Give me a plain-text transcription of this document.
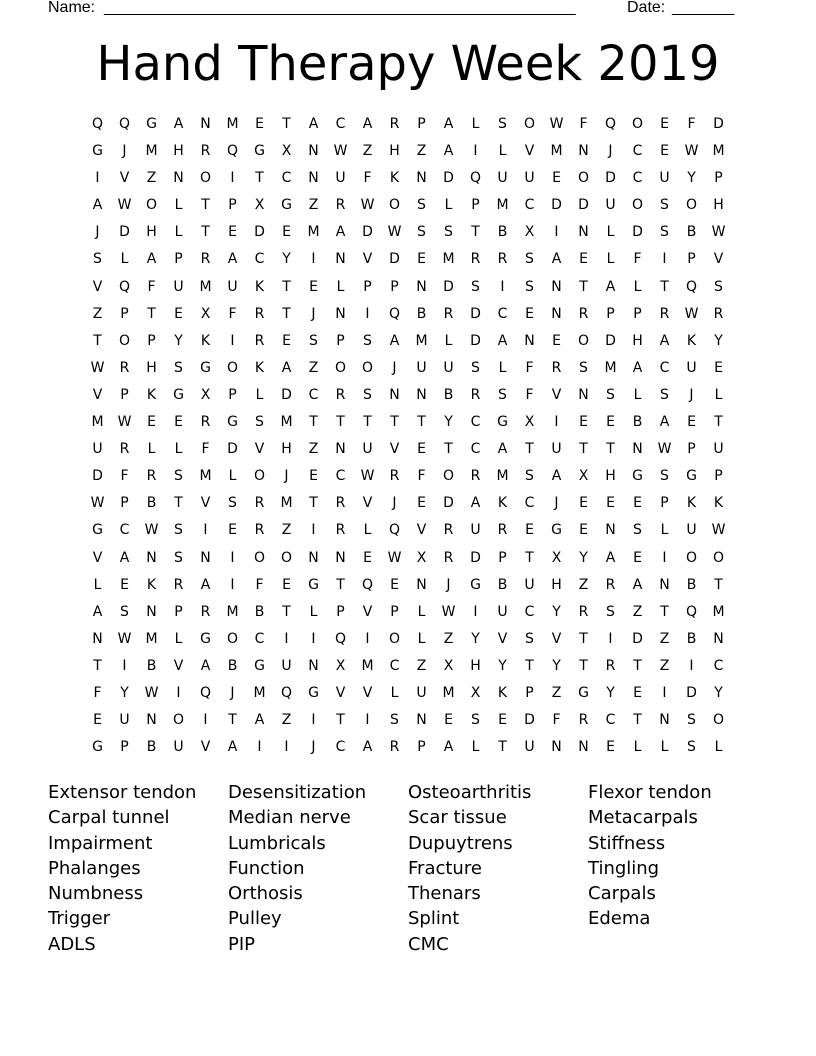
Name:

_____________________________________________________

	Date:

_______

Hand Therapy Week 2019
Q	Q	G	A	N	M	E	T	A	C	A	R	P	A	L	S	O	W	F	Q	O	E	F	D
G	J	M	H	R	Q	G	X	N	W	Z	H	Z	A	I	L	V	M	N	J	C	E	W	M
I	V	Z	N	O	I	T	C	N	U	F	K	N	D	Q	U	U	E	O	D	C	U	Y	P
A	W	O	L	T	P	X	G	Z	R	W	O	S	L	P	M	C	D	D	U	O	S	O	H
J	D	H	L	T	E	D	E	M	A	D	W	S	S	T	B	X	I	N	L	D	S	B	W
S	L	A	P	R	A	C	Y	I	N	V	D	E	M	R	R	S	A	E	L	F	I	P	V
V	Q	F	U	M	U	K	T	E	L	P	P	N	D	S	I	S	N	T	A	L	T	Q	S
Z	P	T	E	X	F	R	T	J	N	I	Q	B	R	D	C	E	N	R	P	P	R	W	R
T	O	P	Y	K	I	R	E	S	P	S	A	M	L	D	A	N	E	O	D	H	A	K	Y
W	R	H	S	G	O	K	A	Z	O	O	J	U	U	S	L	F	R	S	M	A	C	U	E
V	P	K	G	X	P	L	D	C	R	S	N	N	B	R	S	F	V	N	S	L	S	J	L
M	W	E	E	R	G	S	M	T	T	T	T	T	Y	C	G	X	I	E	E	B	A	E	T
U	R	L	L	F	D	V	H	Z	N	U	V	E	T	C	A	T	U	T	T	N	W	P	U
D	F	R	S	M	L	O	J	E	C	W	R	F	O	R	M	S	A	X	H	G	S	G	P
W	P	B	T	V	S	R	M	T	R	V	J	E	D	A	K	C	J	E	E	E	P	K	K
G	C	W	S	I	E	R	Z	I	R	L	Q	V	R	U	R	E	G	E	N	S	L	U	W
V	A	N	S	N	I	O	O	N	N	E	W	X	R	D	P	T	X	Y	A	E	I	O	O
L	E	K	R	A	I	F	E	G	T	Q	E	N	J	G	B	U	H	Z	R	A	N	B	T
A	S	N	P	R	M	B	T	L	P	V	P	L	W	I	U	C	Y	R	S	Z	T	Q	M
N	W	M	L	G	O	C	I	I	Q	I	O	L	Z	Y	V	S	V	T	I	D	Z	B	N
T	I	B	V	A	B	G	U	N	X	M	C	Z	X	H	Y	T	Y	T	R	T	Z	I	C
F	Y	W	I	Q	J	M	Q	G	V	V	L	U	M	X	K	P	Z	G	Y	E	I	D	Y
E	U	N	O	I	T	A	Z	I	T	I	S	N	E	S	E	D	F	R	C	T	N	S	O
G	P	B	U	V	A	I	I	J	C	A	R	P	A	L	T	U	N	N	E	L	L	S	L
Extensor tendon	Desensitization	Osteoarthritis	Flexor tendon
Carpal tunnel	Median nerve	Scar tissue	Metacarpals
Impairment	Lumbricals	Dupuytrens	Stiffness
Phalanges	Function	Fracture	Tingling
Numbness	Orthosis	Thenars	Carpals
Trigger	Pulley	Splint	Edema
ADLS	PIP	CMC
